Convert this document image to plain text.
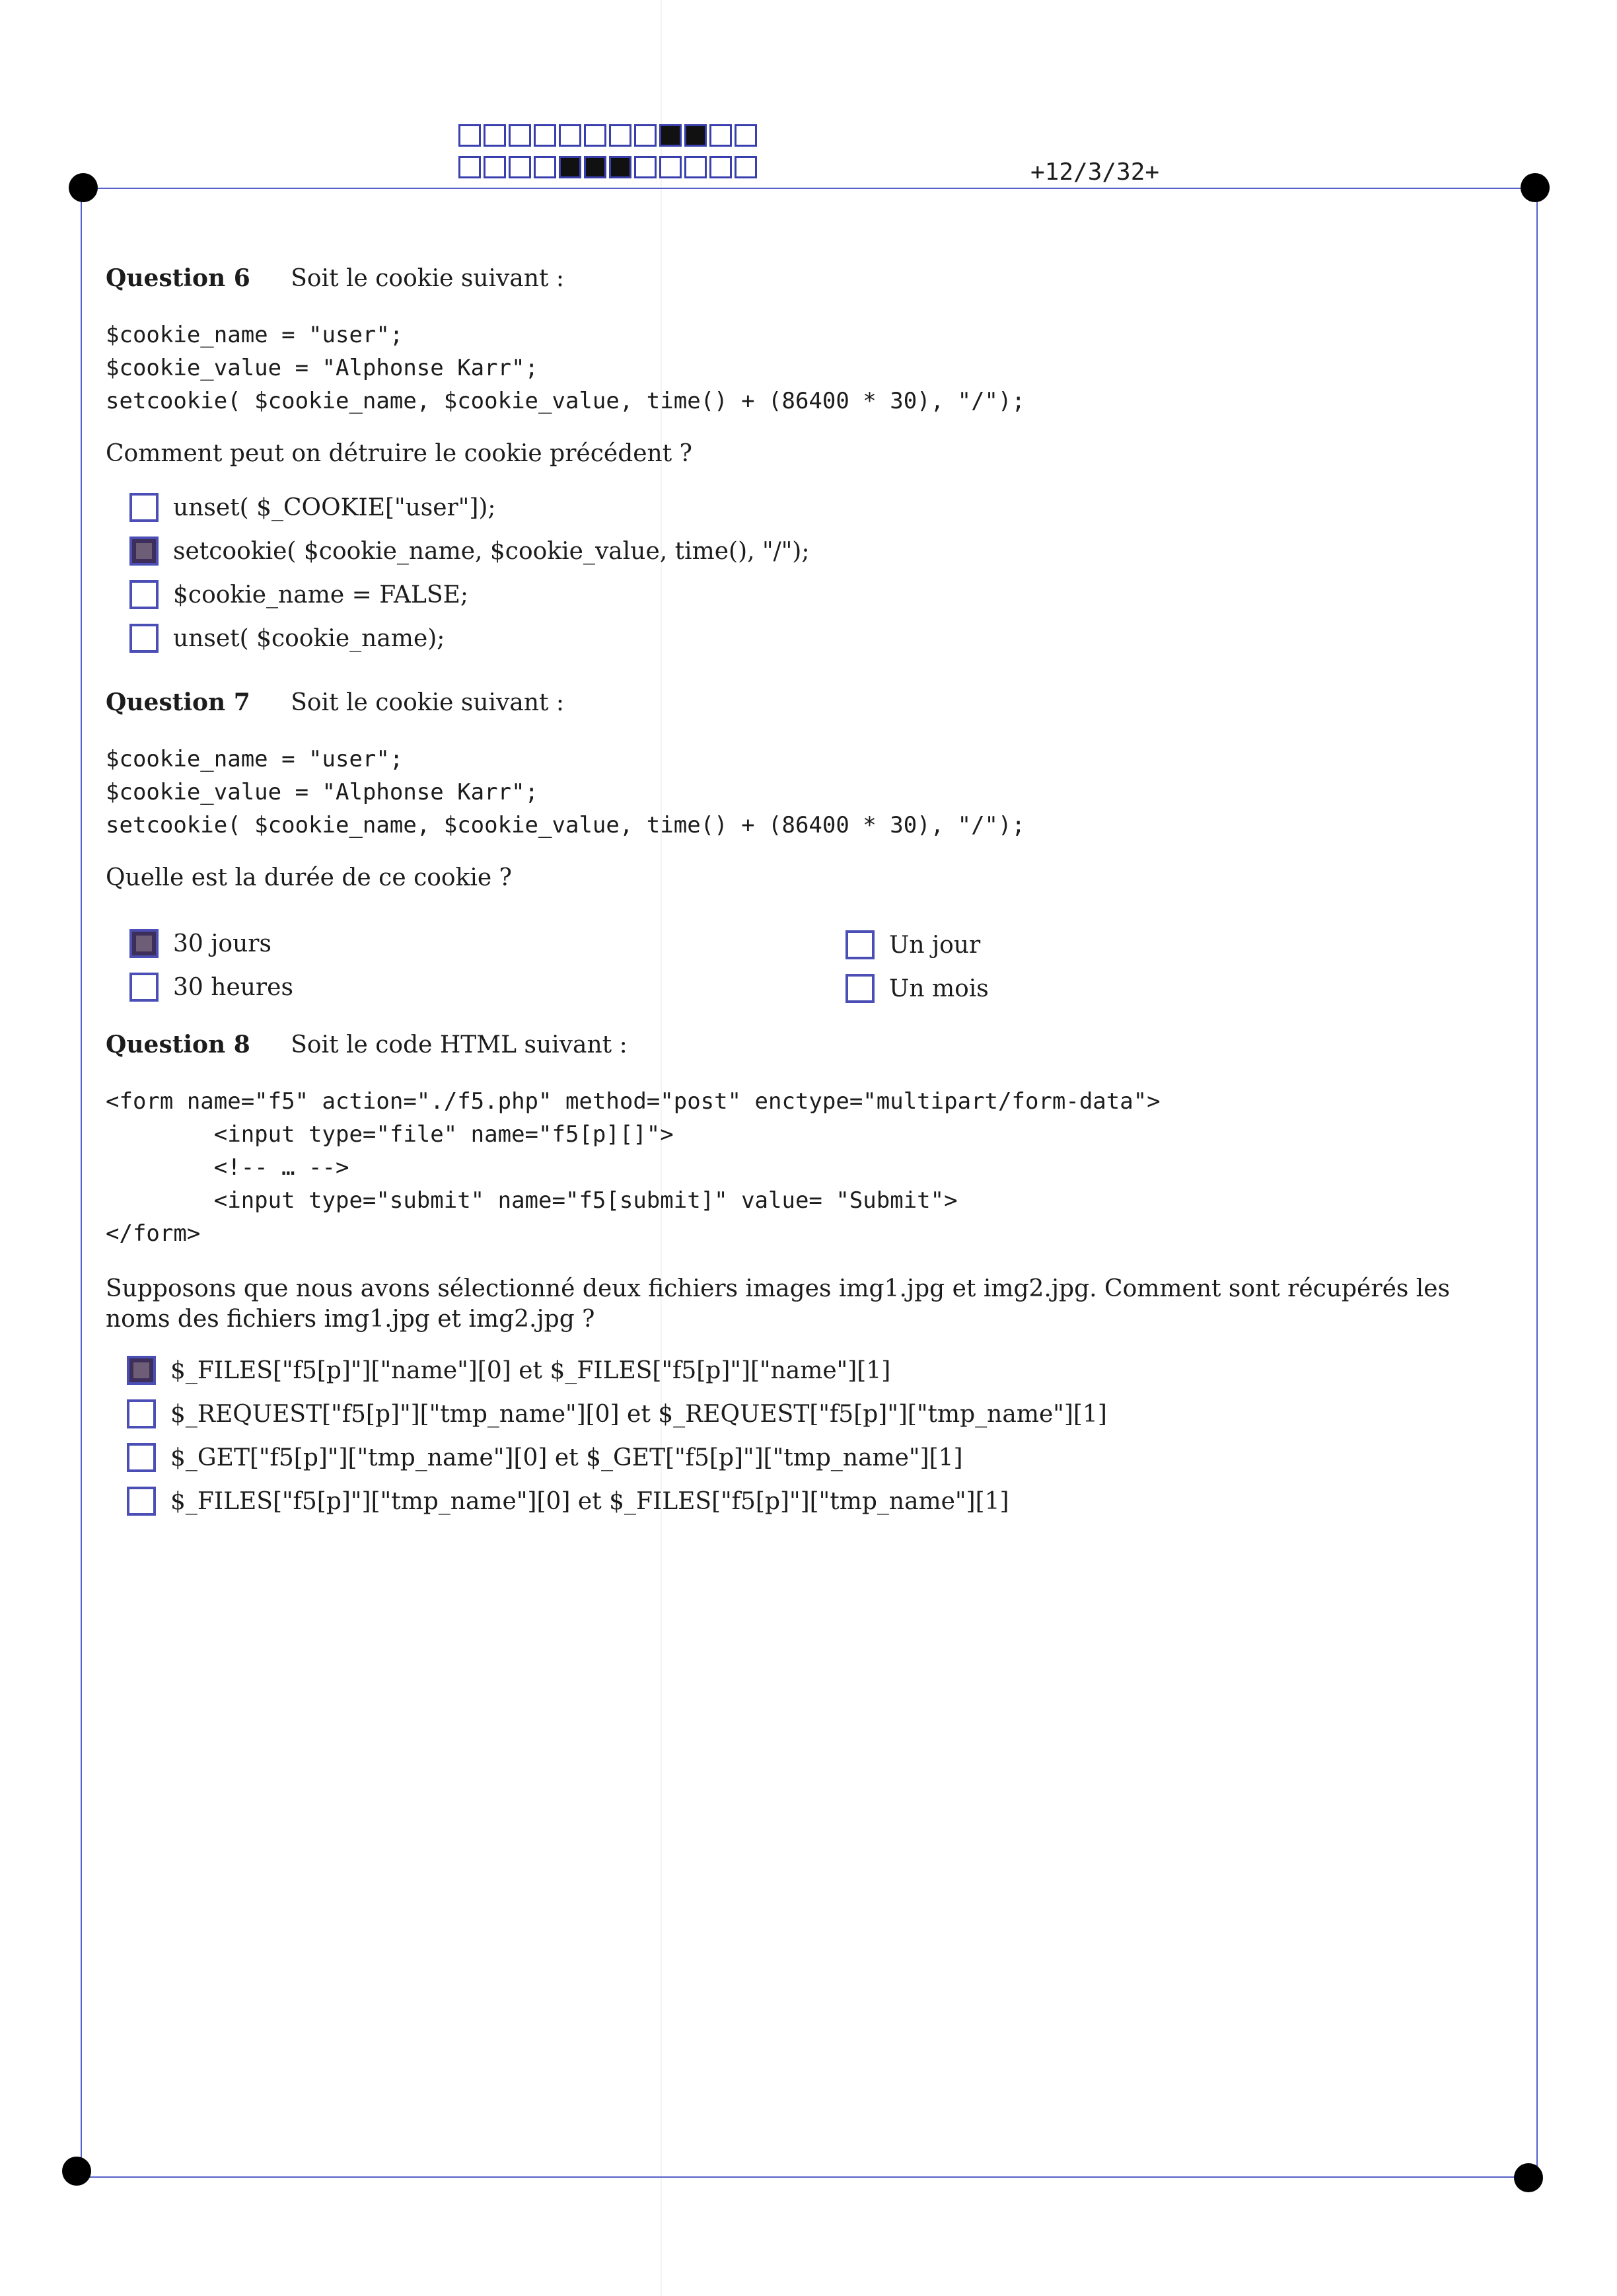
+12/3/32+
Question 6 Soit le cookie suivant :
$cookie_name = "user";
$cookie_value = "Alphonse Karr";
setcookie( $cookie_name, $cookie_value, time() + (86400 * 30), "/");
Comment peut on détruire le cookie précédent ?
unset( $_COOKIE["user"]);
setcookie( $cookie_name, $cookie_value, time(), "/");
$cookie_name = FALSE;
unset( $cookie_name);
Question 7 Soit le cookie suivant :
$cookie_name = "user";
$cookie_value = "Alphonse Karr";
setcookie( $cookie_name, $cookie_value, time() + (86400 * 30), "/");
Quelle est la durée de ce cookie ?
30 jours
30 heures
Un jour
Un mois
Question 8 Soit le code HTML suivant :
<form name="f5" action="./f5.php" method="post" enctype="multipart/form-data">
<input type="file" name="f5[p][]">
<!-- … -->
<input type="submit" name="f5[submit]" value= "Submit">
</form>
Supposons que nous avons sélectionné deux fichiers images img1.jpg et img2.jpg. Comment sont récupérés les noms des fichiers img1.jpg et img2.jpg ?
$_FILES["f5[p]"]["name"][0] et $_FILES["f5[p]"]["name"][1]
$_REQUEST["f5[p]"]["tmp_name"][0] et $_REQUEST["f5[p]"]["tmp_name"][1]
$_GET["f5[p]"]["tmp_name"][0] et $_GET["f5[p]"]["tmp_name"][1]
$_FILES["f5[p]"]["tmp_name"][0] et $_FILES["f5[p]"]["tmp_name"][1]
